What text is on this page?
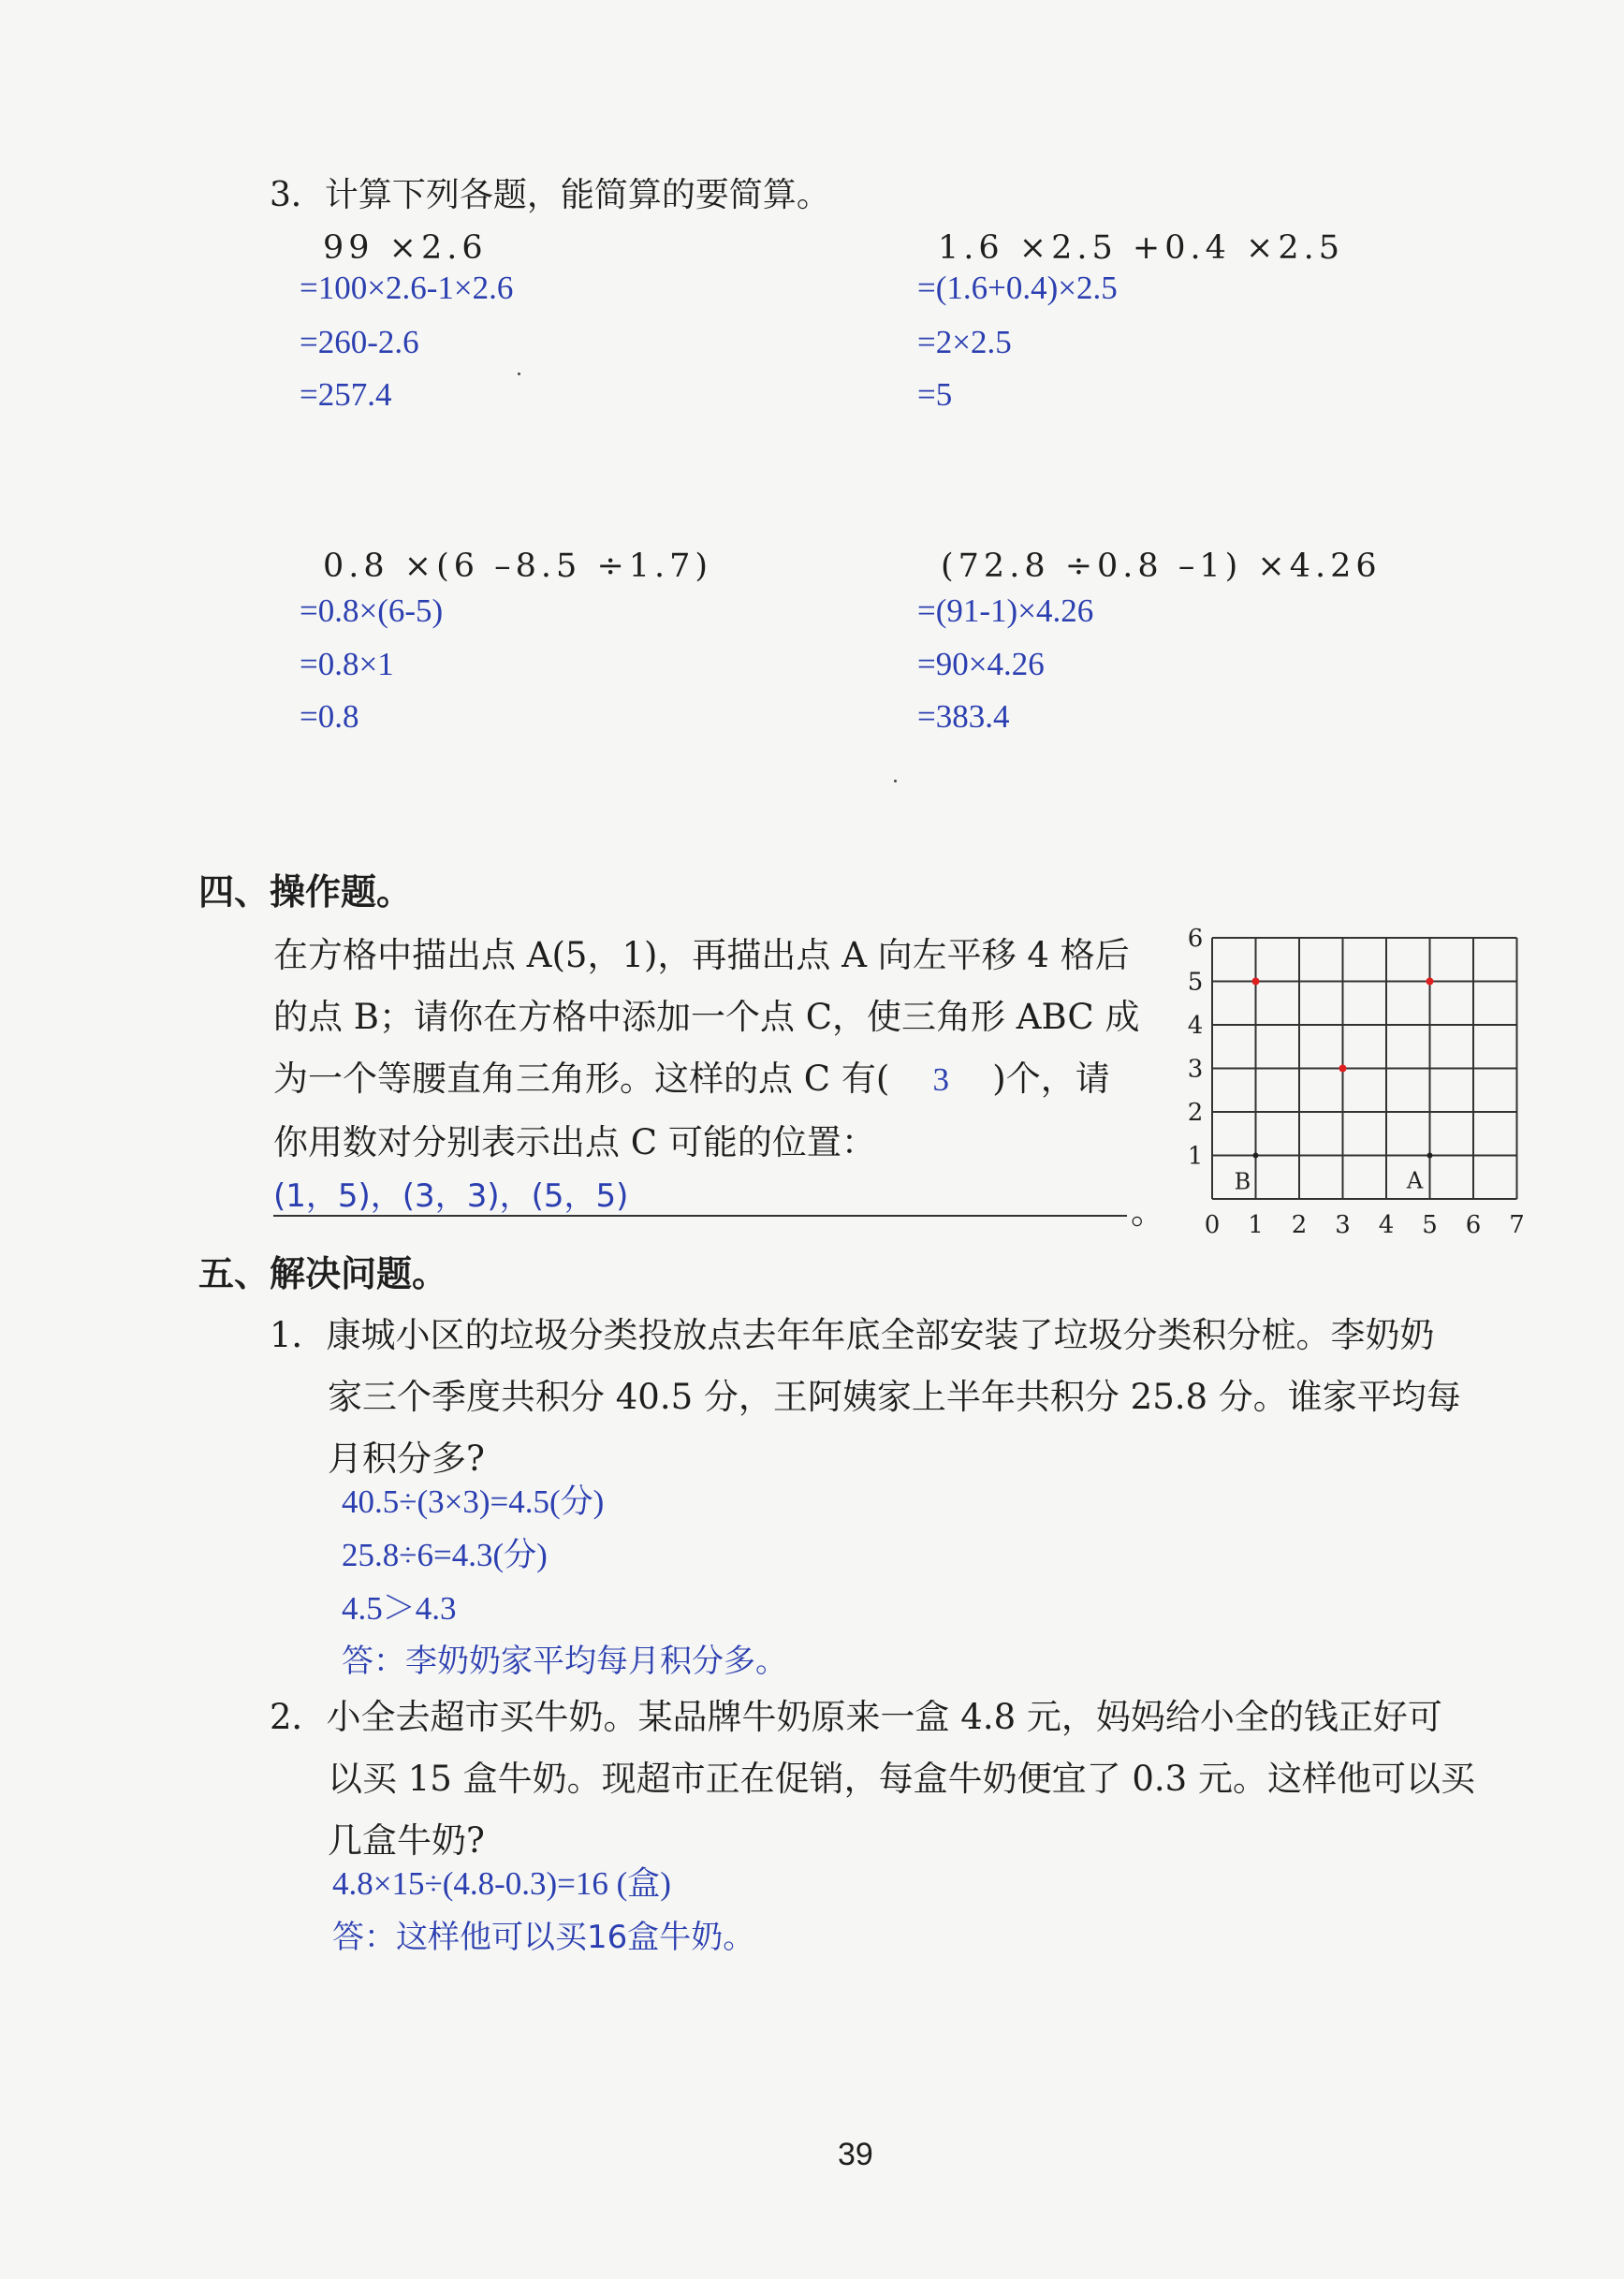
3．计算下列各题，能简算的要简算。
99 ×2.6
=100×2.6-1×2.6
=260-2.6
=257.4
1.6 ×2.5 +0.4 ×2.5
=(1.6+0.4)×2.5
=2×2.5
=5
0.8 ×(6 –8.5 ÷1.7)
=0.8×(6-5)
=0.8×1
=0.8
(72.8 ÷0.8 –1) ×4.26
=(91-1)×4.26
=90×4.26
=383.4
四、操作题。
在方格中描出点 A(5，1)，再描出点 A 向左平移 4 格后
的点 B；请你在方格中添加一个点 C，使三角形 ABC 成
为一个等腰直角三角形。这样的点 C 有( 3 )个，请
你用数对分别表示出点 C 可能的位置：
(1，5)，(3，3)，(5，5)	。 0 1 2 3 4 5 6 7
1
2
3
4
5
6
A
B
五、解决问题。
1．康城小区的垃圾分类投放点去年年底全部安装了垃圾分类积分桩。李奶奶
家三个季度共积分 40.5 分，王阿姨家上半年共积分 25.8 分。谁家平均每
月积分多?
40.5÷(3×3)=4.5(分)
25.8÷6=4.3(分)
4.5＞4.3
答：李奶奶家平均每月积分多。
2．小全去超市买牛奶。某品牌牛奶原来一盒 4.8 元，妈妈给小全的钱正好可
以买 15 盒牛奶。现超市正在促销，每盒牛奶便宜了 0.3 元。这样他可以买
几盒牛奶?
4.8×15÷(4.8-0.3)=16 (盒)
答：这样他可以买16盒牛奶。
39
